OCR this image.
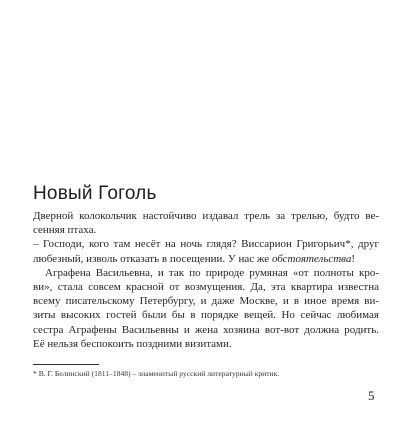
Новый Гоголь
Дверной колокольчик настойчиво издавал трель за трелью, будто ве-
сенняя птаха.
– Господи, кого там несёт на ночь глядя? Виссарион Григорьич*, друг
любезный, изволь отказать в посещении. У нас же обстоятельства!
Аграфена Васильевна, и так по природе румяная «от полноты кро-
ви», стала совсем красной от возмущения. Да, эта квартира известна
всему писательскому Петербургу, и даже Москве, и в иное время ви-
зиты высоких гостей были бы в порядке вещей. Но сейчас любимая
сестра Аграфены Васильевны и жена хозяина вот-вот должна родить.
Её нельзя беспокоить поздними визитами.
* В. Г. Белинский (1811–1848) – знаменитый русский литературный критик.
5
